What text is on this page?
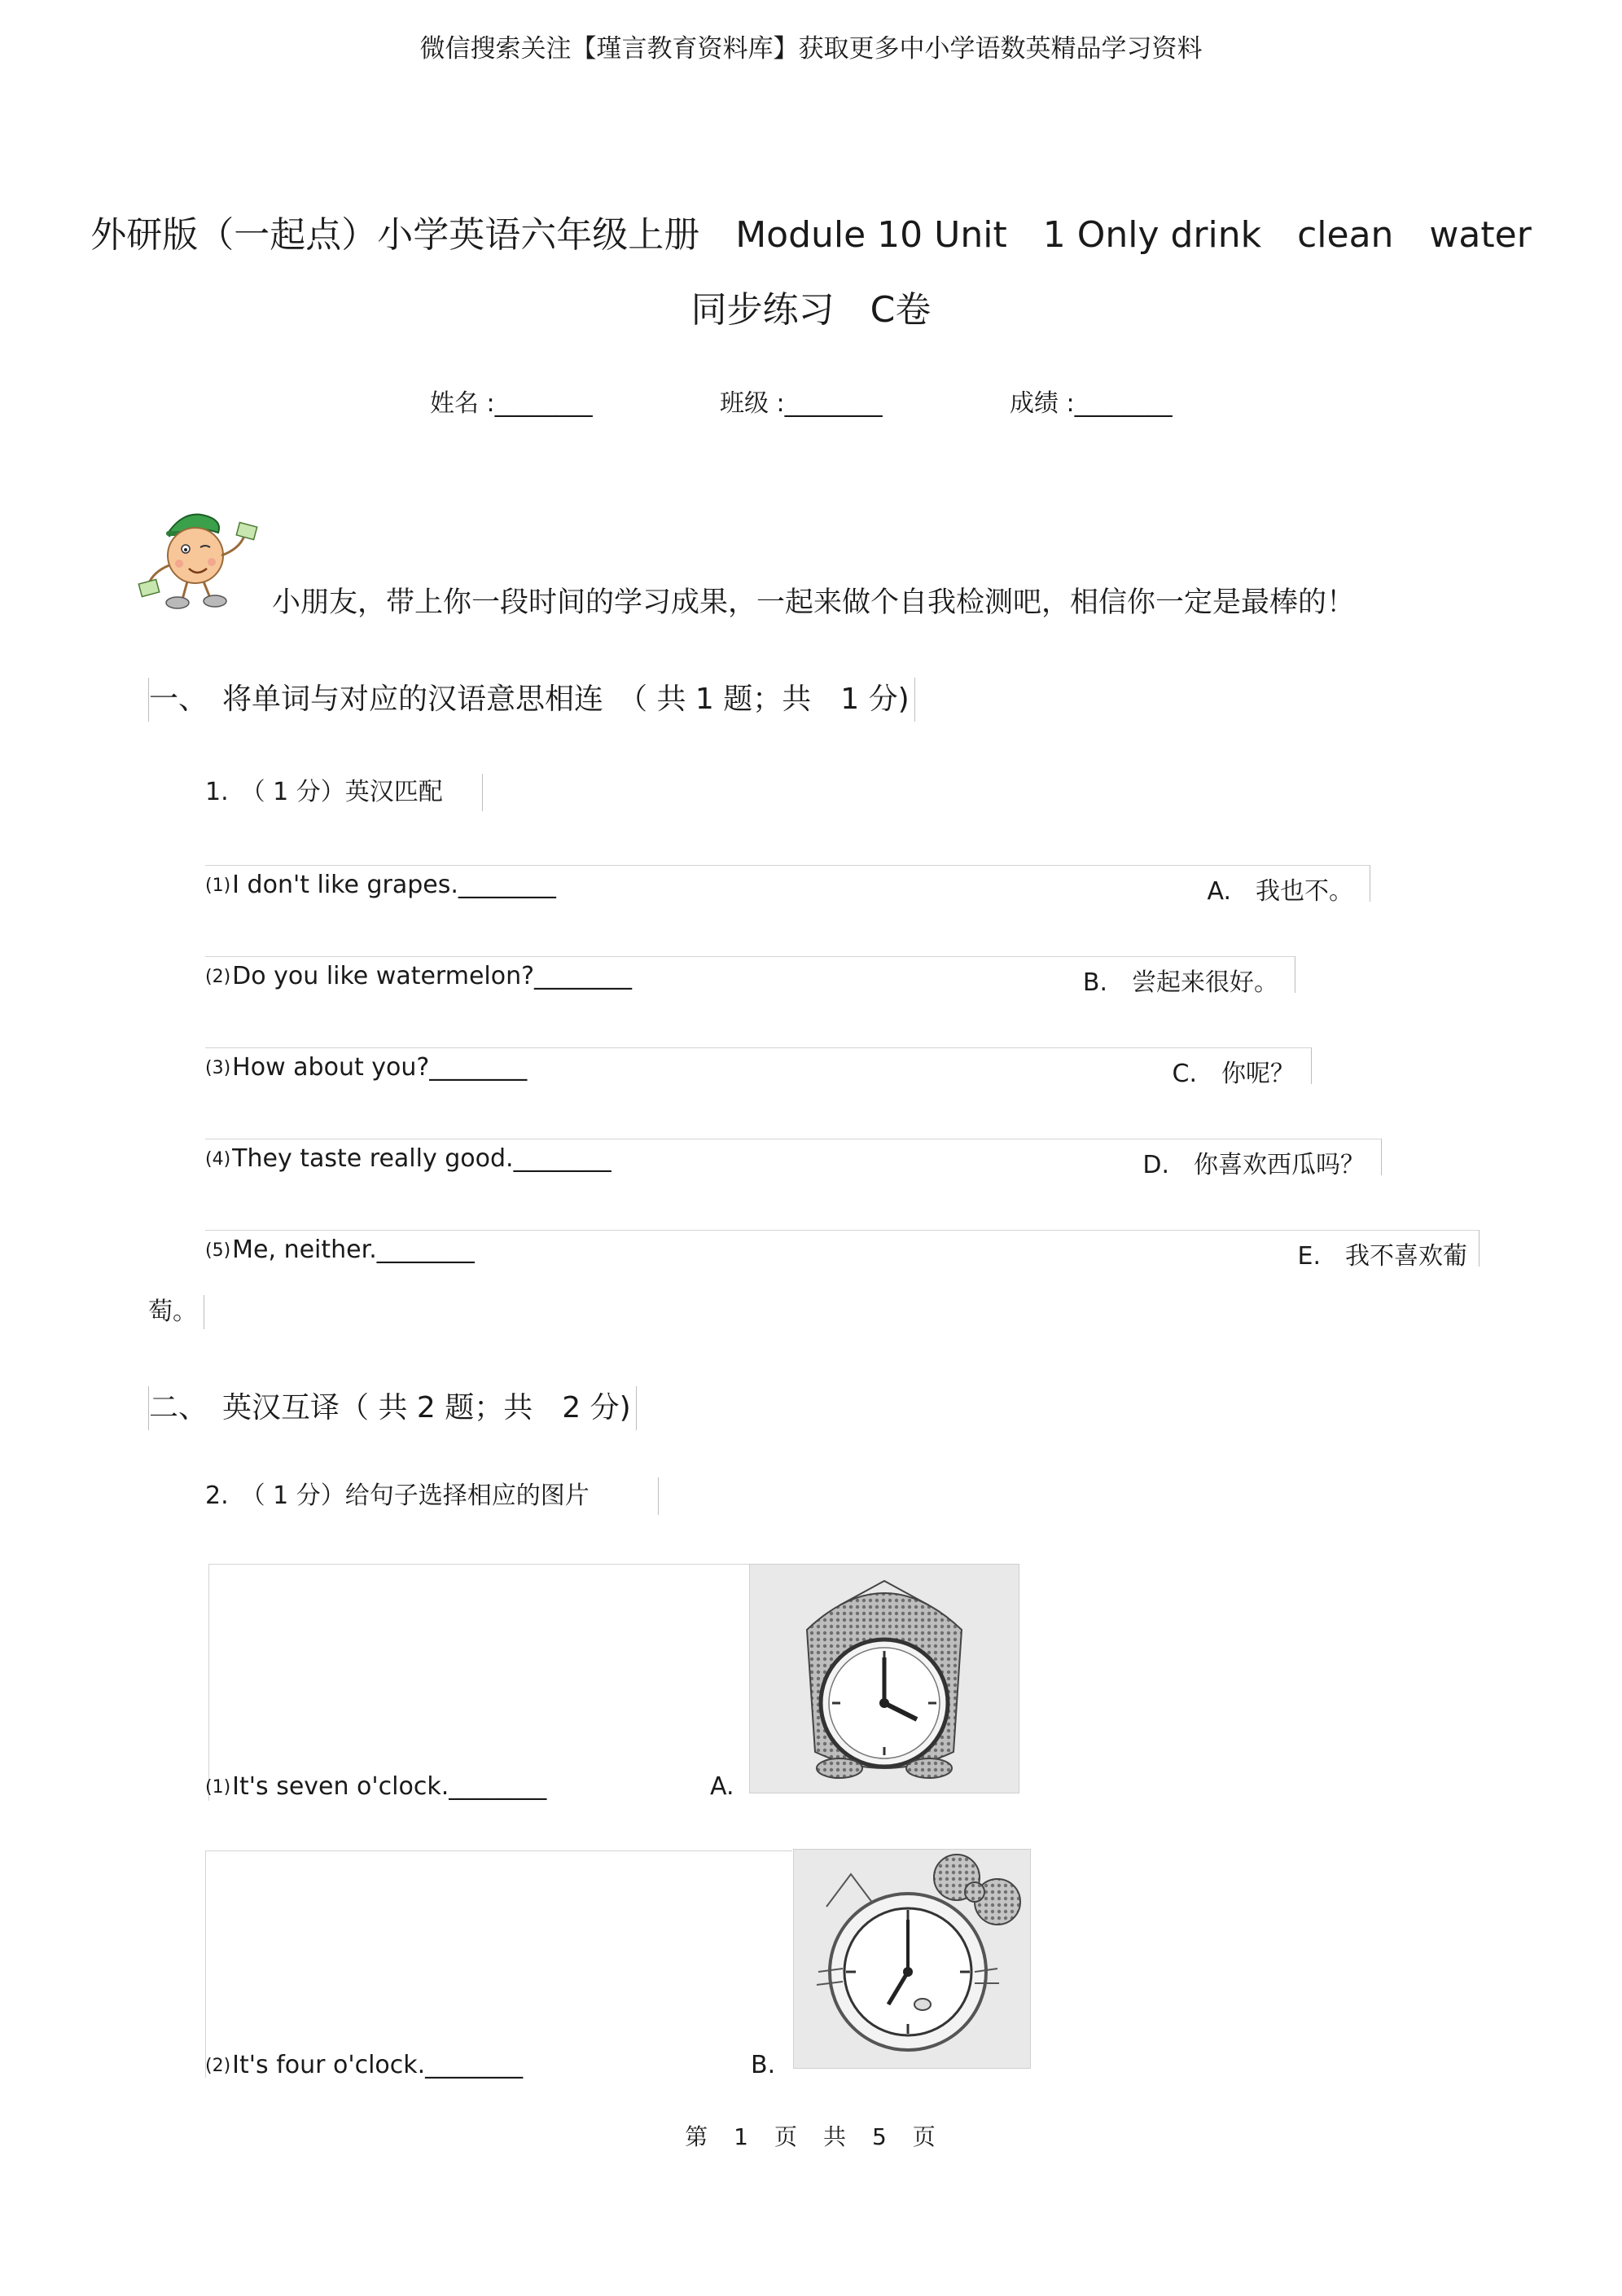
微信搜索关注【瑾言教育资料库】获取更多中小学语数英精品学习资料
外研版（一起点）小学英语六年级上册　Module 10 Unit　1 Only drink　clean　water
同步练习　C卷
姓名 :________	班级 :________	成绩 :________
小朋友，带上你一段时间的学习成果，一起来做个自我检测吧，相信你一定是最棒的！
一、　将单词与对应的汉语意思相连　（ 共 1 题；共　1 分)
1.　（ 1 分）英汉匹配
(1)I don't like grapes.________	A.　我也不。
(2)Do you like watermelon?________	B.　尝起来很好。
(3)How about you?________	C.　你呢？
(4)They taste really good.________	D.　你喜欢西瓜吗？
(5)Me, neither.________	E.　我不喜欢葡
萄。
二、　英汉互译（ 共 2 题；共　2 分)
2.　（ 1 分）给句子选择相应的图片
(1)It's seven o'clock.________	A.
(2)It's four o'clock.________	B.
第　1　页　共　5　页
